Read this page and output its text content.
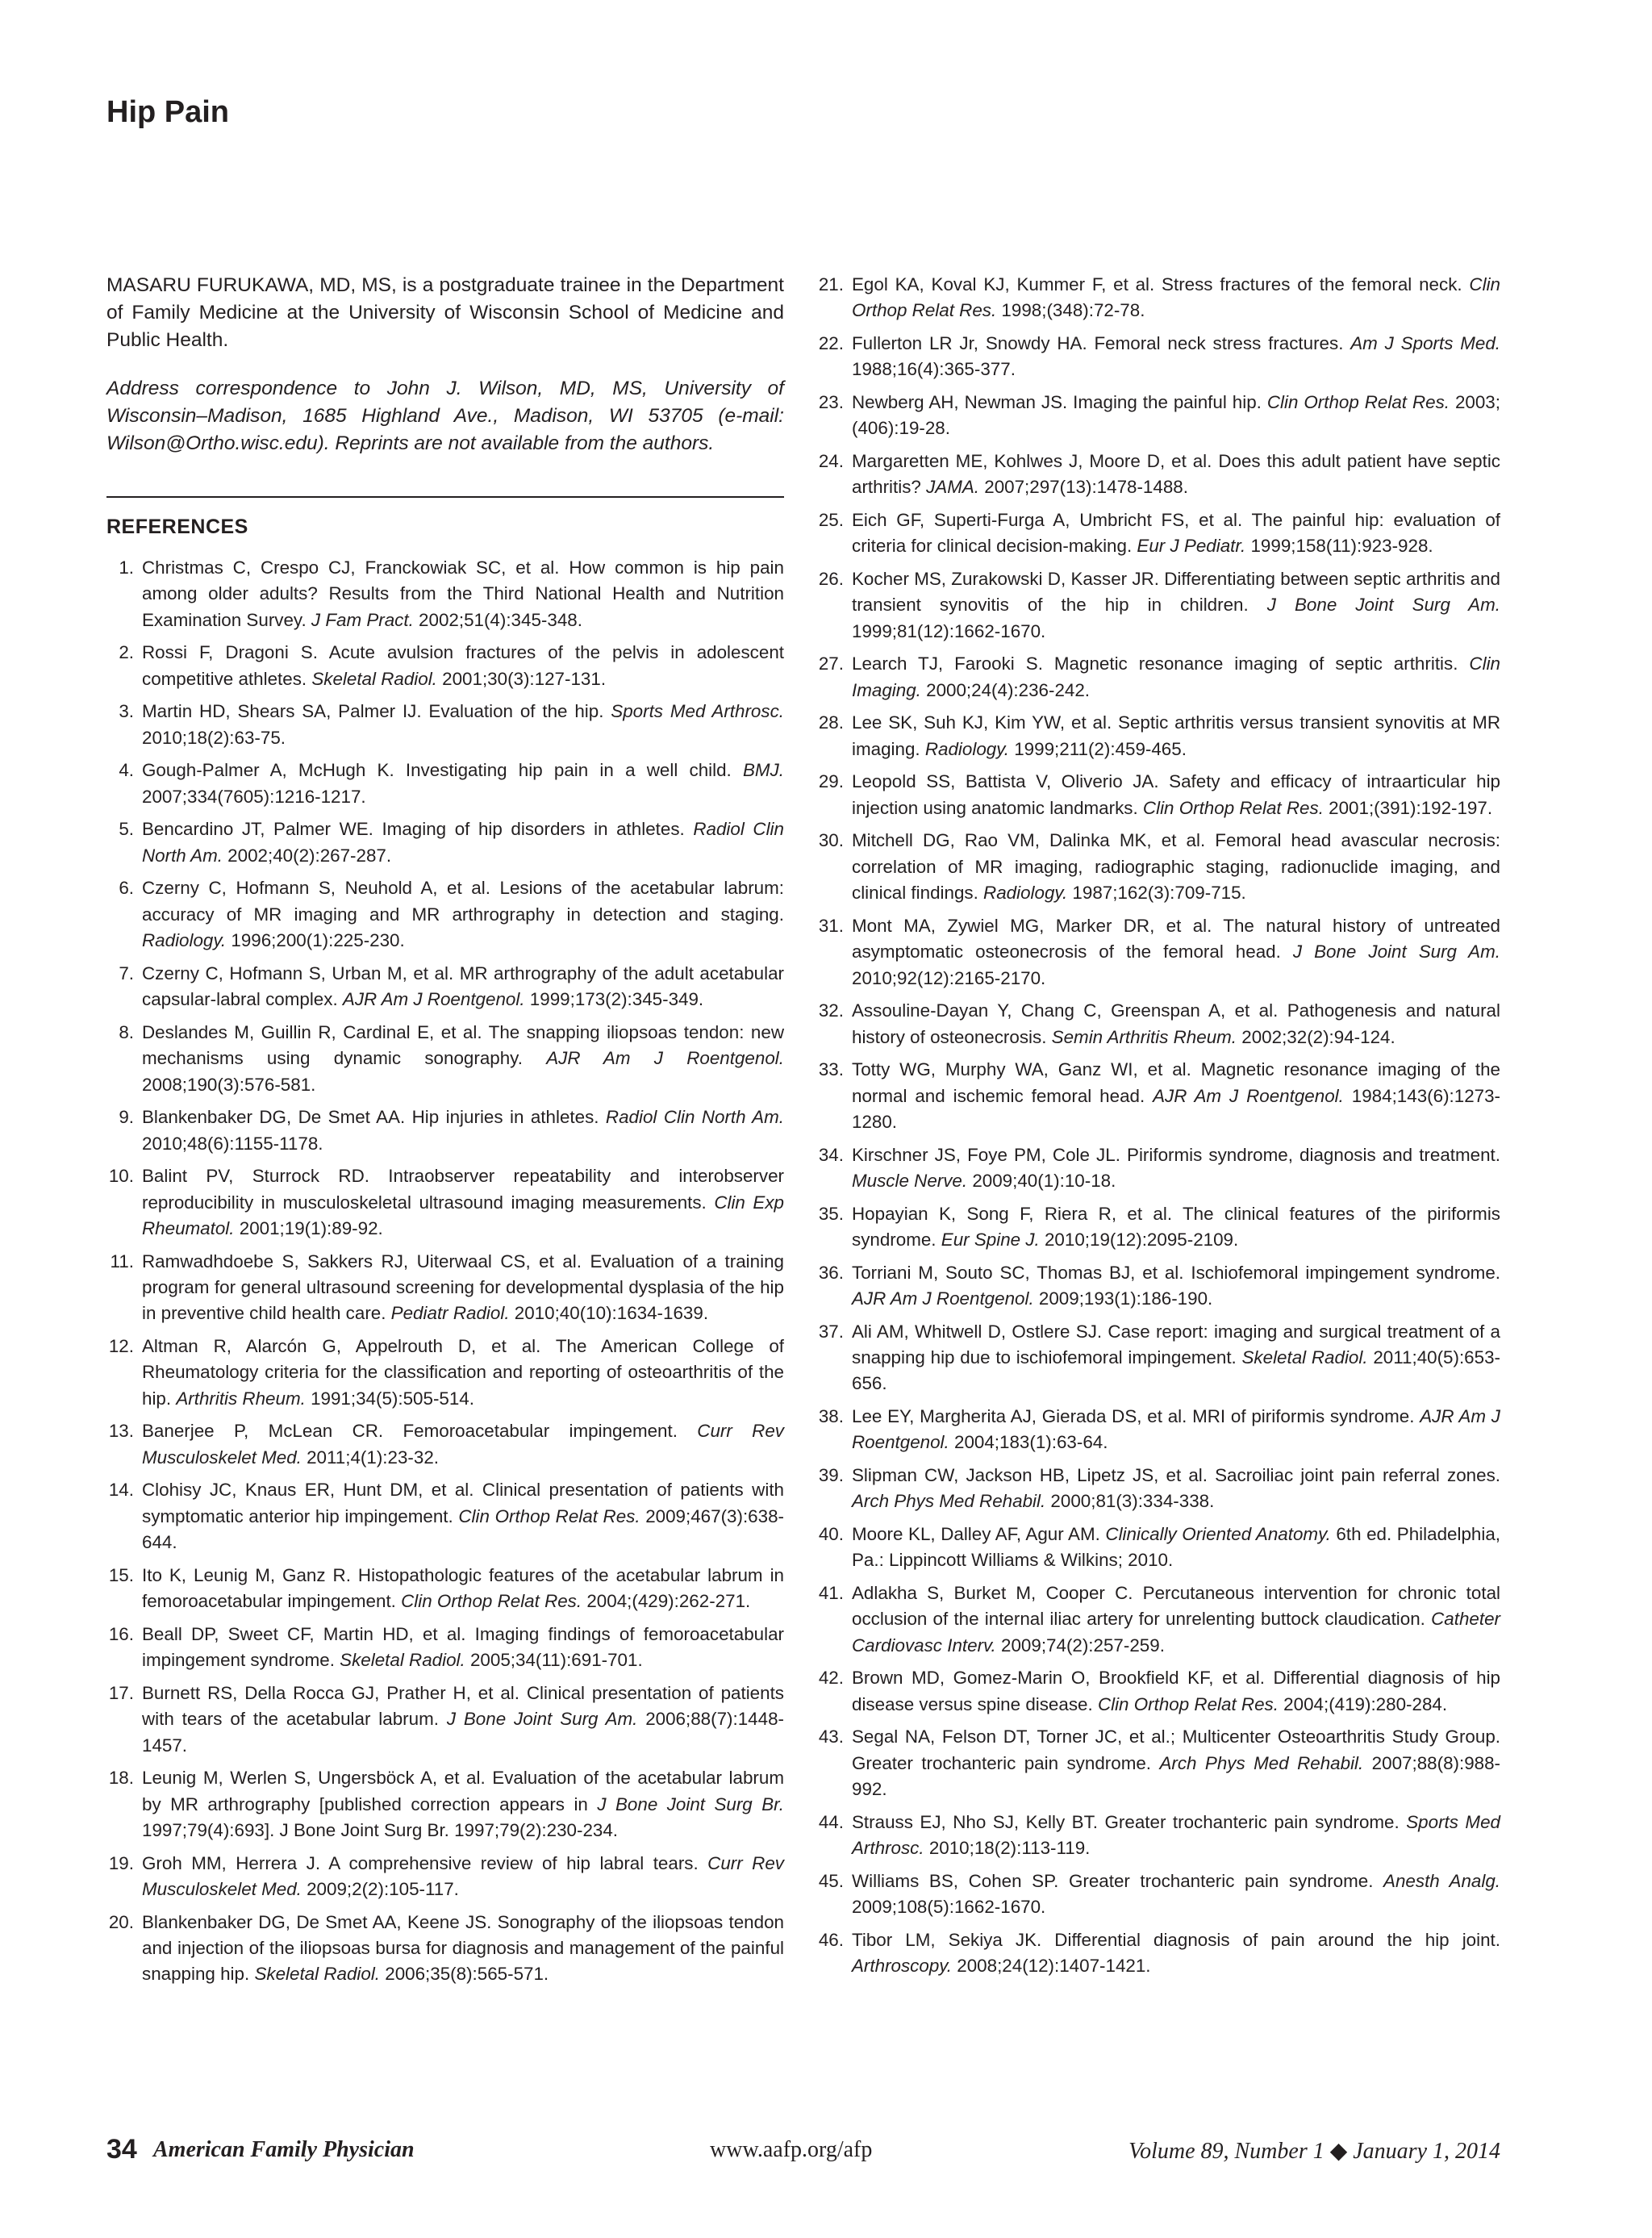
Hip Pain

MASARU FURUKAWA, MD, MS, is a postgraduate trainee in the Department of Family Medicine at the University of Wisconsin School of Medicine and Public Health.

Address correspondence to John J. Wilson, MD, MS, University of Wisconsin–Madison, 1685 Highland Ave., Madison, WI 53705 (e-mail: Wilson@Ortho.wisc.edu). Reprints are not available from the authors.

REFERENCES
1. Christmas C, Crespo CJ, Franckowiak SC, et al. How common is hip pain among older adults? Results from the Third National Health and Nutrition Examination Survey. J Fam Pract. 2002;51(4):345-348.
2. Rossi F, Dragoni S. Acute avulsion fractures of the pelvis in adolescent competitive athletes. Skeletal Radiol. 2001;30(3):127-131.
3. Martin HD, Shears SA, Palmer IJ. Evaluation of the hip. Sports Med Arthrosc. 2010;18(2):63-75.
4. Gough-Palmer A, McHugh K. Investigating hip pain in a well child. BMJ. 2007;334(7605):1216-1217.
5. Bencardino JT, Palmer WE. Imaging of hip disorders in athletes. Radiol Clin North Am. 2002;40(2):267-287.
6. Czerny C, Hofmann S, Neuhold A, et al. Lesions of the acetabular labrum: accuracy of MR imaging and MR arthrography in detection and staging. Radiology. 1996;200(1):225-230.
7. Czerny C, Hofmann S, Urban M, et al. MR arthrography of the adult acetabular capsular-labral complex. AJR Am J Roentgenol. 1999;173(2):345-349.
8. Deslandes M, Guillin R, Cardinal E, et al. The snapping iliopsoas tendon: new mechanisms using dynamic sonography. AJR Am J Roentgenol. 2008;190(3):576-581.
9. Blankenbaker DG, De Smet AA. Hip injuries in athletes. Radiol Clin North Am. 2010;48(6):1155-1178.
10. Balint PV, Sturrock RD. Intraobserver repeatability and interobserver reproducibility in musculoskeletal ultrasound imaging measurements. Clin Exp Rheumatol. 2001;19(1):89-92.
11. Ramwadhdoebe S, Sakkers RJ, Uiterwaal CS, et al. Evaluation of a training program for general ultrasound screening for developmental dysplasia of the hip in preventive child health care. Pediatr Radiol. 2010;40(10):1634-1639.
12. Altman R, Alarcón G, Appelrouth D, et al. The American College of Rheumatology criteria for the classification and reporting of osteoarthritis of the hip. Arthritis Rheum. 1991;34(5):505-514.
13. Banerjee P, McLean CR. Femoroacetabular impingement. Curr Rev Musculoskelet Med. 2011;4(1):23-32.
14. Clohisy JC, Knaus ER, Hunt DM, et al. Clinical presentation of patients with symptomatic anterior hip impingement. Clin Orthop Relat Res. 2009;467(3):638-644.
15. Ito K, Leunig M, Ganz R. Histopathologic features of the acetabular labrum in femoroacetabular impingement. Clin Orthop Relat Res. 2004;(429):262-271.
16. Beall DP, Sweet CF, Martin HD, et al. Imaging findings of femoroacetabular impingement syndrome. Skeletal Radiol. 2005;34(11):691-701.
17. Burnett RS, Della Rocca GJ, Prather H, et al. Clinical presentation of patients with tears of the acetabular labrum. J Bone Joint Surg Am. 2006;88(7):1448-1457.
18. Leunig M, Werlen S, Ungersböck A, et al. Evaluation of the acetabular labrum by MR arthrography [published correction appears in J Bone Joint Surg Br. 1997;79(4):693]. J Bone Joint Surg Br. 1997;79(2):230-234.
19. Groh MM, Herrera J. A comprehensive review of hip labral tears. Curr Rev Musculoskelet Med. 2009;2(2):105-117.
20. Blankenbaker DG, De Smet AA, Keene JS. Sonography of the iliopsoas tendon and injection of the iliopsoas bursa for diagnosis and management of the painful snapping hip. Skeletal Radiol. 2006;35(8):565-571.
21. Egol KA, Koval KJ, Kummer F, et al. Stress fractures of the femoral neck. Clin Orthop Relat Res. 1998;(348):72-78.
22. Fullerton LR Jr, Snowdy HA. Femoral neck stress fractures. Am J Sports Med. 1988;16(4):365-377.
23. Newberg AH, Newman JS. Imaging the painful hip. Clin Orthop Relat Res. 2003;(406):19-28.
24. Margaretten ME, Kohlwes J, Moore D, et al. Does this adult patient have septic arthritis? JAMA. 2007;297(13):1478-1488.
25. Eich GF, Superti-Furga A, Umbricht FS, et al. The painful hip: evaluation of criteria for clinical decision-making. Eur J Pediatr. 1999;158(11):923-928.
26. Kocher MS, Zurakowski D, Kasser JR. Differentiating between septic arthritis and transient synovitis of the hip in children. J Bone Joint Surg Am. 1999;81(12):1662-1670.
27. Learch TJ, Farooki S. Magnetic resonance imaging of septic arthritis. Clin Imaging. 2000;24(4):236-242.
28. Lee SK, Suh KJ, Kim YW, et al. Septic arthritis versus transient synovitis at MR imaging. Radiology. 1999;211(2):459-465.
29. Leopold SS, Battista V, Oliverio JA. Safety and efficacy of intraarticular hip injection using anatomic landmarks. Clin Orthop Relat Res. 2001;(391):192-197.
30. Mitchell DG, Rao VM, Dalinka MK, et al. Femoral head avascular necrosis: correlation of MR imaging, radiographic staging, radionuclide imaging, and clinical findings. Radiology. 1987;162(3):709-715.
31. Mont MA, Zywiel MG, Marker DR, et al. The natural history of untreated asymptomatic osteonecrosis of the femoral head. J Bone Joint Surg Am. 2010;92(12):2165-2170.
32. Assouline-Dayan Y, Chang C, Greenspan A, et al. Pathogenesis and natural history of osteonecrosis. Semin Arthritis Rheum. 2002;32(2):94-124.
33. Totty WG, Murphy WA, Ganz WI, et al. Magnetic resonance imaging of the normal and ischemic femoral head. AJR Am J Roentgenol. 1984;143(6):1273-1280.
34. Kirschner JS, Foye PM, Cole JL. Piriformis syndrome, diagnosis and treatment. Muscle Nerve. 2009;40(1):10-18.
35. Hopayian K, Song F, Riera R, et al. The clinical features of the piriformis syndrome. Eur Spine J. 2010;19(12):2095-2109.
36. Torriani M, Souto SC, Thomas BJ, et al. Ischiofemoral impingement syndrome. AJR Am J Roentgenol. 2009;193(1):186-190.
37. Ali AM, Whitwell D, Ostlere SJ. Case report: imaging and surgical treatment of a snapping hip due to ischiofemoral impingement. Skeletal Radiol. 2011;40(5):653-656.
38. Lee EY, Margherita AJ, Gierada DS, et al. MRI of piriformis syndrome. AJR Am J Roentgenol. 2004;183(1):63-64.
39. Slipman CW, Jackson HB, Lipetz JS, et al. Sacroiliac joint pain referral zones. Arch Phys Med Rehabil. 2000;81(3):334-338.
40. Moore KL, Dalley AF, Agur AM. Clinically Oriented Anatomy. 6th ed. Philadelphia, Pa.: Lippincott Williams & Wilkins; 2010.
41. Adlakha S, Burket M, Cooper C. Percutaneous intervention for chronic total occlusion of the internal iliac artery for unrelenting buttock claudication. Catheter Cardiovasc Interv. 2009;74(2):257-259.
42. Brown MD, Gomez-Marin O, Brookfield KF, et al. Differential diagnosis of hip disease versus spine disease. Clin Orthop Relat Res. 2004;(419):280-284.
43. Segal NA, Felson DT, Torner JC, et al.; Multicenter Osteoarthritis Study Group. Greater trochanteric pain syndrome. Arch Phys Med Rehabil. 2007;88(8):988-992.
44. Strauss EJ, Nho SJ, Kelly BT. Greater trochanteric pain syndrome. Sports Med Arthrosc. 2010;18(2):113-119.
45. Williams BS, Cohen SP. Greater trochanteric pain syndrome. Anesth Analg. 2009;108(5):1662-1670.
46. Tibor LM, Sekiya JK. Differential diagnosis of pain around the hip joint. Arthroscopy. 2008;24(12):1407-1421.
34 American Family Physician	www.aafp.org/afp	Volume 89, Number 1 ◆ January 1, 2014
